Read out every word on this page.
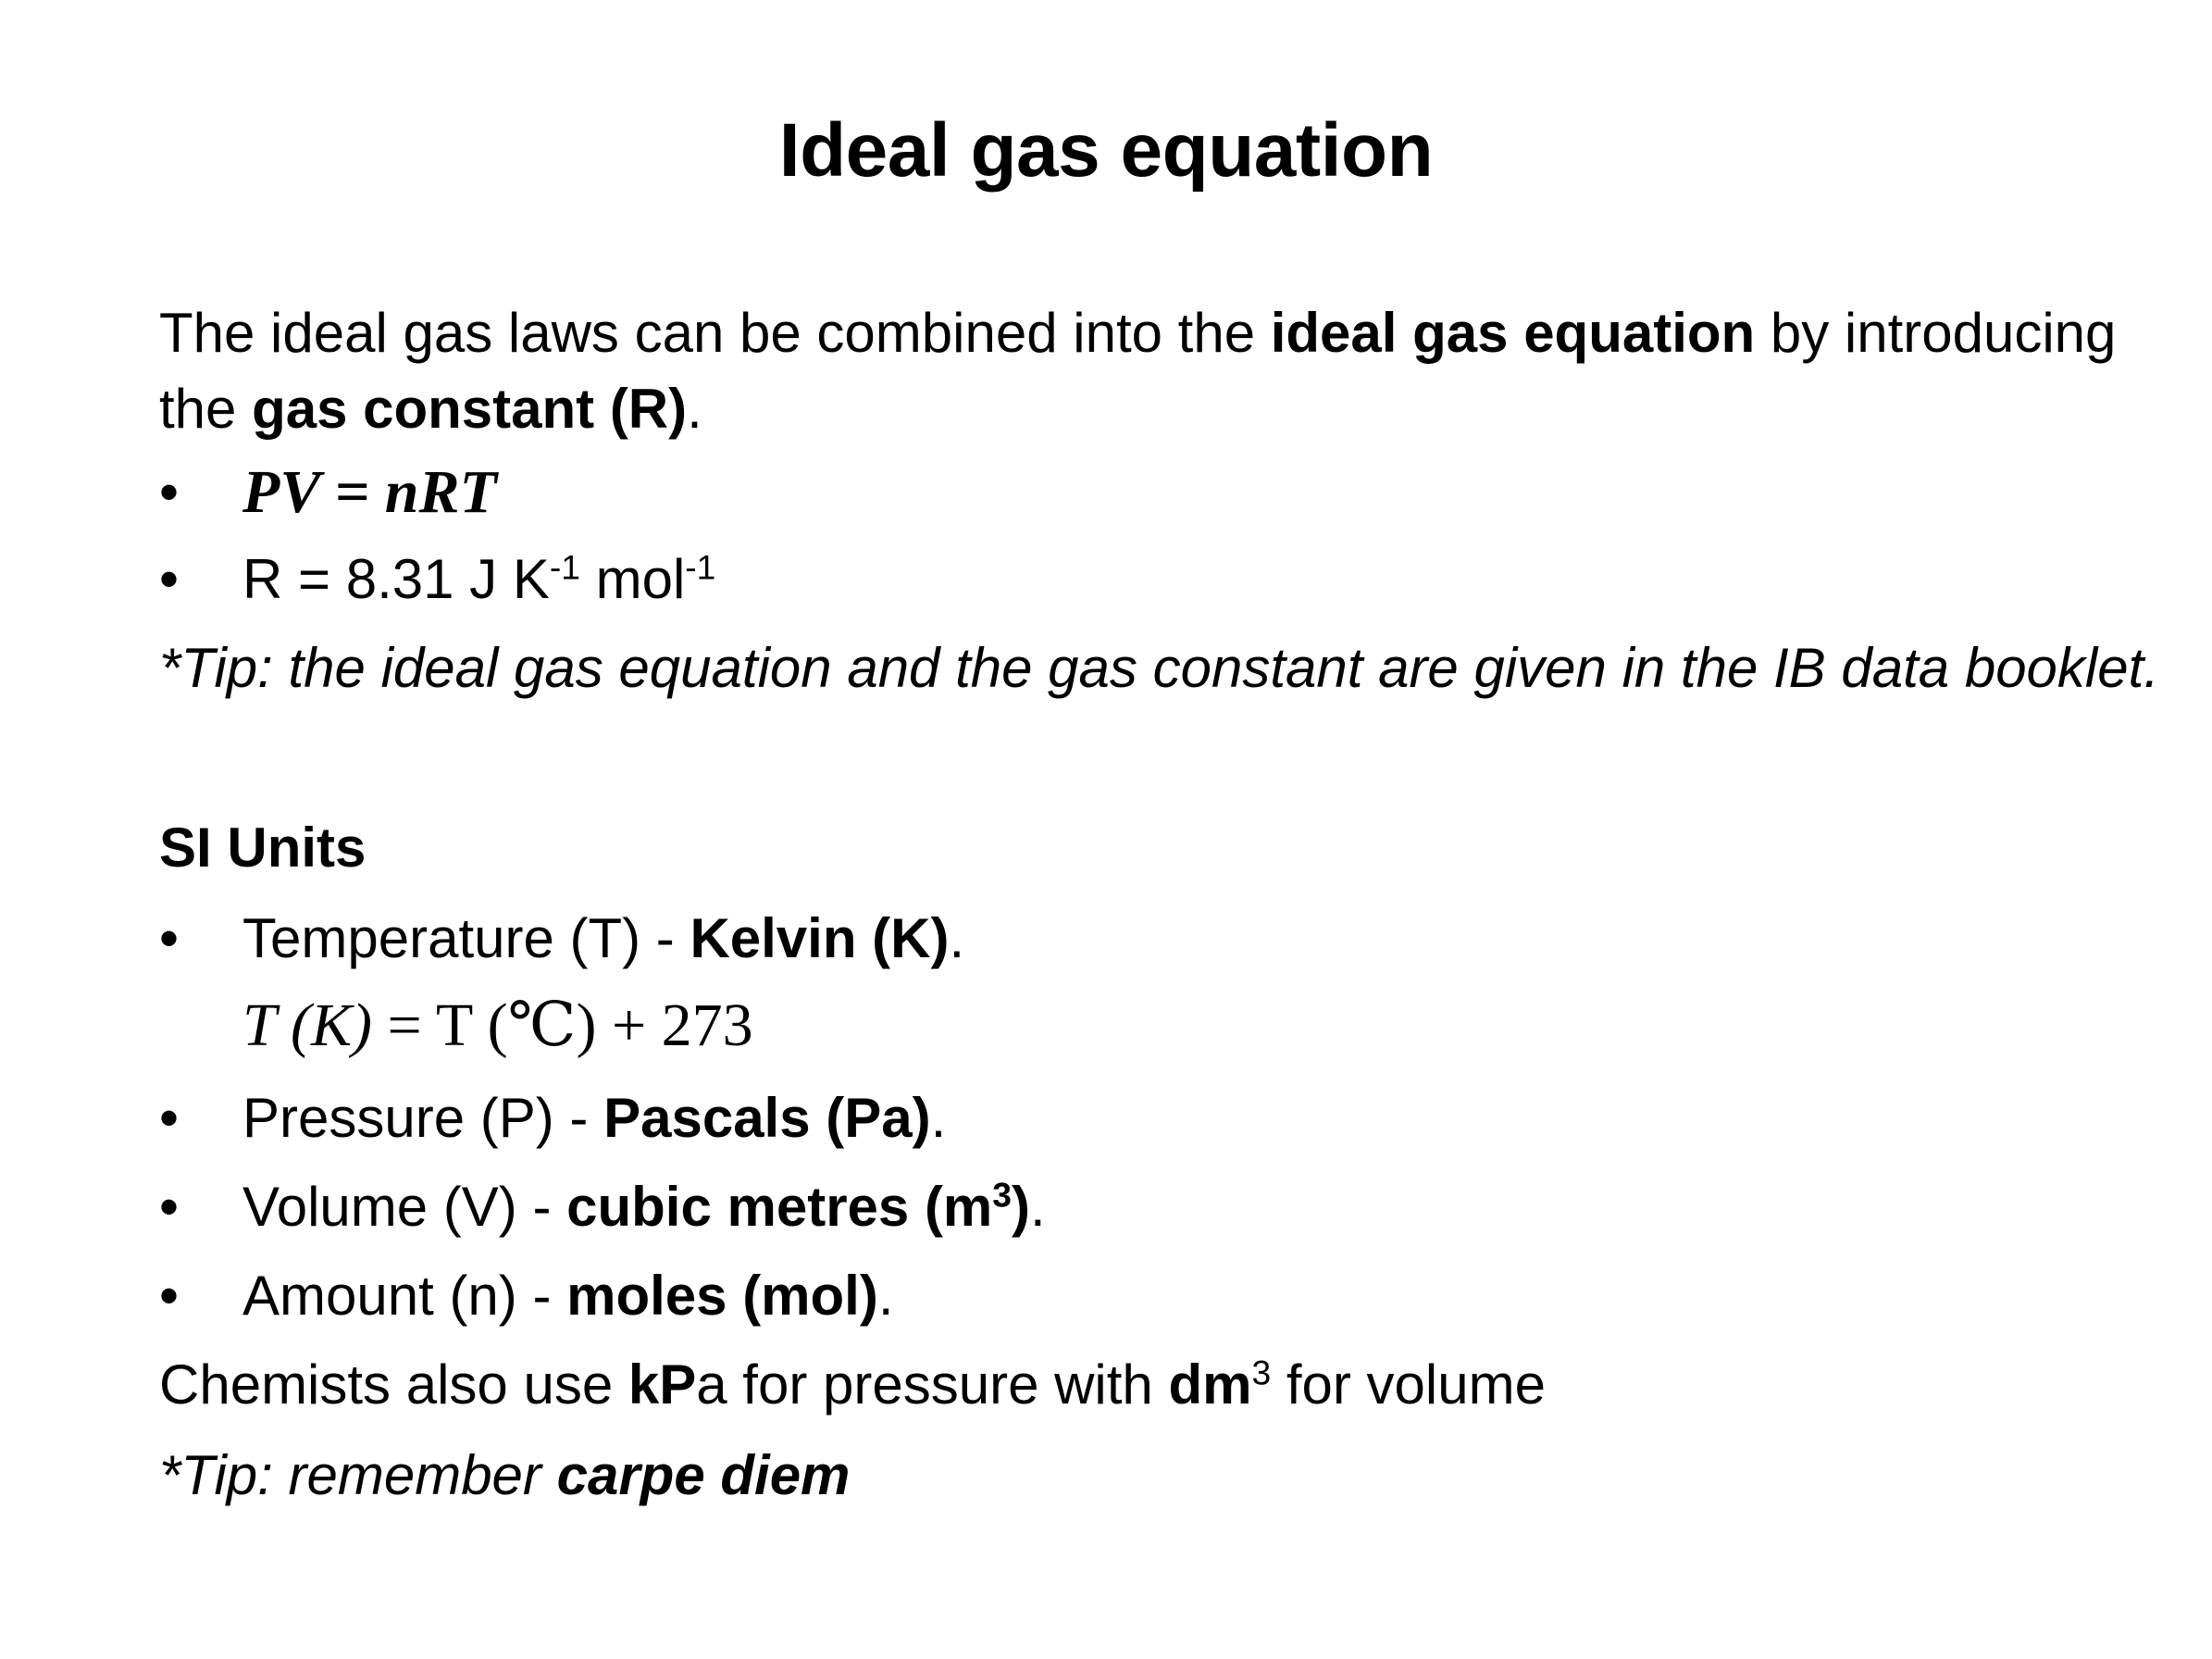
Ideal gas equation
The ideal gas laws can be combined into the ideal gas equation by introducing
the gas constant (R).
• PV = nRT
•	R = 8.31 J $K^{-1}$ mol$^{-1}$
*Tip: the ideal gas equation and the gas constant are given in the IB data booklet.
SI Units
•	Temperature (T) - Kelvin (K).
T (K) = T (℃) + 273
•	Pressure (P) - Pascals (Pa).
•	Volume (V) - cubic metres $(m^3)$.
•	Amount (n) - moles (mol).
Chemists also use kPa for pressure with $dm^3$ for volume
*Tip: remember carpe diem
